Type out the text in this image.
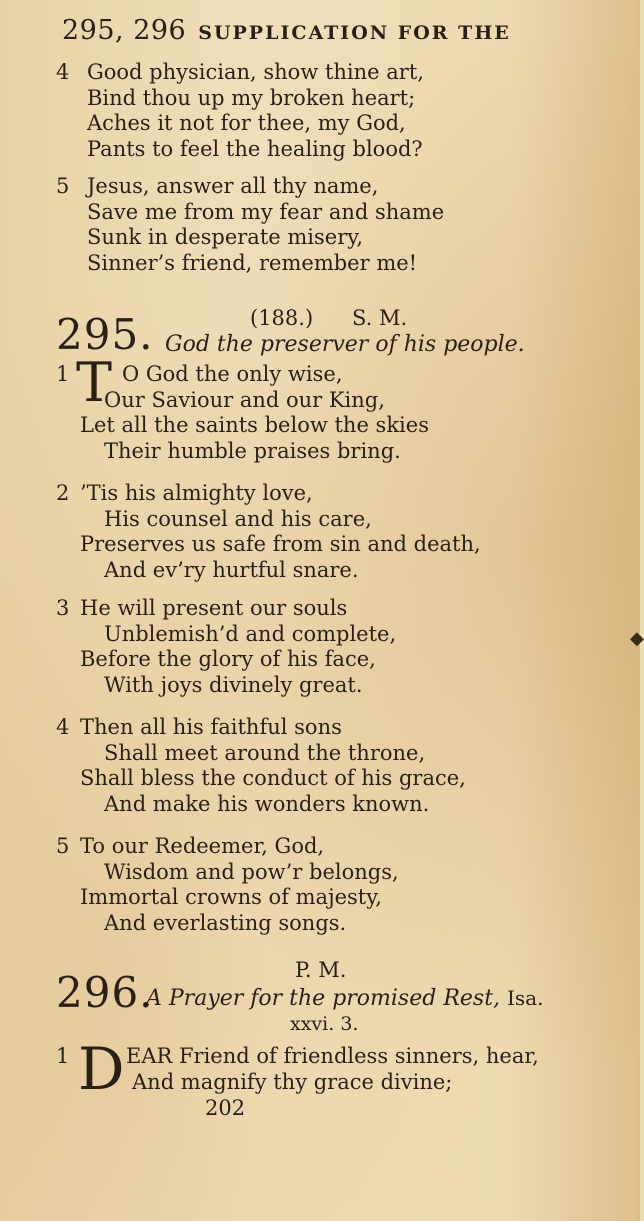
295, 296 SUPPLICATION FOR THE
4 Good physician, show thine art,
Bind thou up my broken heart;
Aches it not for thee, my God,
Pants to feel the healing blood?
5 Jesus, answer all thy name,
Save me from my fear and shame
Sunk in desperate misery,
Sinner’s friend, remember me!
295.	(188.) S. M.
God the preserver of his people.
T
1	O God the only wise,
Our Saviour and our King,
Let all the saints below the skies
Their humble praises bring.
2 ’Tis his almighty love,
His counsel and his care,
Preserves us safe from sin and death,
And ev’ry hurtful snare.
3 He will present our souls
Unblemish’d and complete,
Before the glory of his face,
With joys divinely great.
4 Then all his faithful sons
Shall meet around the throne,
Shall bless the conduct of his grace,
And make his wonders known.
5 To our Redeemer, God,
Wisdom and pow’r belongs,
Immortal crowns of majesty,
And everlasting songs.
P. M.
296.
A Prayer for the promised Rest, Isa.
xxvi. 3.
D
1	EAR Friend of friendless sinners, hear,
And magnify thy grace divine;
202
◆
